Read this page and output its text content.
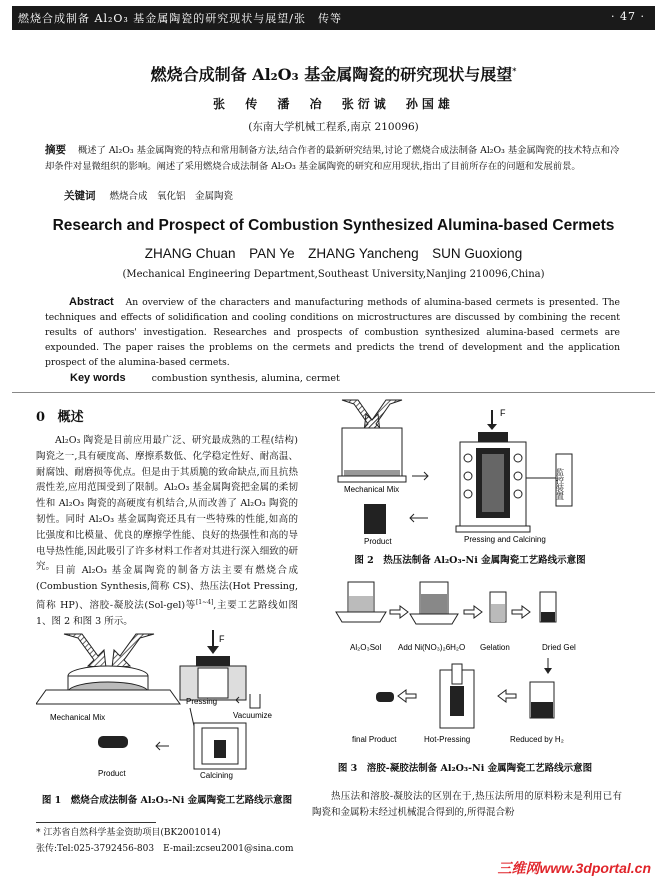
燃烧合成制备 Al₂O₃ 基金属陶瓷的研究现状与展望/张　传等	· 47 ·
燃烧合成制备 Al₂O₃ 基金属陶瓷的研究现状与展望*
张 传 潘 冶 张衍诚 孙国雄
(东南大学机械工程系,南京 210096)
摘要 概述了 Al₂O₃ 基金属陶瓷的特点和常用制备方法,结合作者的最新研究结果,讨论了燃烧合成法制备 Al₂O₃ 基金属陶瓷的技术特点和冷却条件对显微组织的影响。阐述了采用燃烧合成法制备 Al₂O₃ 基金属陶瓷的研究和应用现状,指出了目前所存在的问题和发展前景。
关键词 燃烧合成　氧化铝　金属陶瓷
Research and Prospect of Combustion Synthesized Alumina-based Cermets
ZHANG Chuan　PAN Ye　ZHANG Yancheng　SUN Guoxiong
(Mechanical Engineering Department,Southeast University,Nanjing 210096,China)
Abstract An overview of the characters and manufacturing methods of alumina-based cermets is presented. The techniques and effects of solidification and cooling conditions on microstructures are discussed by combining the recent results of authors' investigation. Researches and prospects of combustion synthesized alumina-based cermets are expounded. The paper raises the problems on the cermets and predicts the trend of development and the application prospect of the alumina-based cermets.
Key words	combustion synthesis, alumina, cermet
0 概述
Al₂O₃ 陶瓷是目前应用最广泛、研究最成熟的工程(结构)陶瓷之一,具有硬度高、摩擦系数低、化学稳定性好、耐高温、耐腐蚀、耐磨损等优点。但是由于其质脆的致命缺点,而且抗热震性差,应用范围受到了限制。Al₂O₃ 基金属陶瓷把金属的柔韧性和 Al₂O₃ 陶瓷的高硬度有机结合,从而改善了 Al₂O₃ 陶瓷的韧性。同时 Al₂O₃ 基金属陶瓷还具有一些特殊的性能,如高的比强度和比模量、优良的摩擦学性能、良好的热强性和高的导电导热性能,因此吸引了许多材料工作者对其进行深入细致的研究。 目前 Al₂O₃ 基金属陶瓷的制备方法主要有燃烧合成(Combustion Synthesis,简称 CS)、热压法(Hot Pressing,简称 HP)、溶胶-凝胶法(Sol-gel)等[1~4],主要工艺路线如图 1、图 2 和图 3 所示。
Mechanical Mix
F
Pressing
Vacuumize
Product	Calcining
图 1　燃烧合成法制备 Al₂O₃-Ni 金属陶瓷工艺路线示意图
Mechanical Mix
F
监控装置
Product	Pressing and Calcining
图 2　热压法制备 Al₂O₃-Ni 金属陶瓷工艺路线示意图
Al₂O₃Sol Add Ni(NO₃)₂6H₂O Gelation	Dried Gel
final Product	Hot-Pressing	Reduced by H₂
图 3　溶胶-凝胶法制备 Al₂O₃-Ni 金属陶瓷工艺路线示意图
热压法和溶胶-凝胶法的区别在于,热压法所用的原料粉末是利用已有陶瓷和金属粉末经过机械混合得到的,所得混合粉
* 江苏省自然科学基金资助项目(BK2001014)
张传:Tel:025-3792456-803　E-mail:zcseu2001@sina.com
三维网www.3dportal.cn
